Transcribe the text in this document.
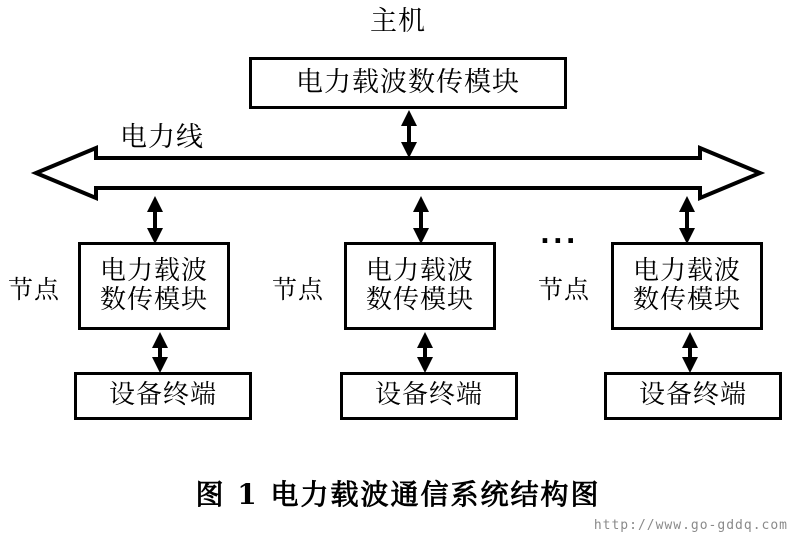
主机
电力载波数传模块
电力线
...
节点
电力载波
数传模块
设备终端
节点
电力载波
数传模块
设备终端
节点
电力载波
数传模块
设备终端
图 1 电力载波通信系统结构图
http://www.go-gddq.com
